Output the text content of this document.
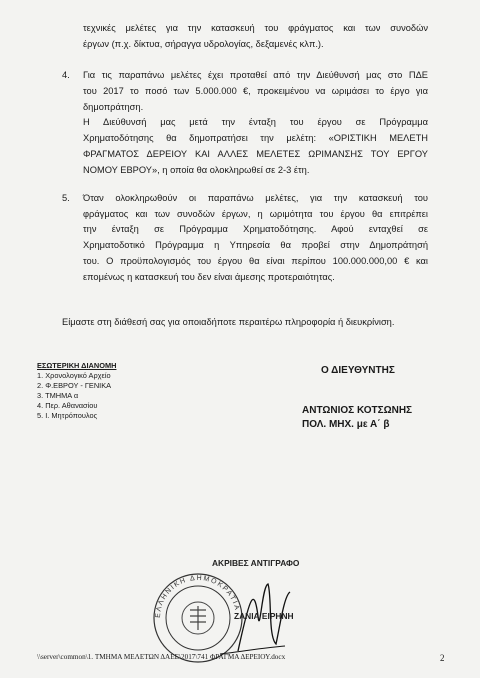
τεχνικές μελέτες για την κατασκευή του φράγματος και των συνοδών
έργων (π.χ. δίκτυα, σήραγγα υδρολογίας, δεξαμενές κλπ.).
4. Για τις παραπάνω μελέτες έχει προταθεί από την Διεύθυνσή μας στο ΠΔΕ
του 2017 το ποσό των 5.000.000 €, προκειμένου να ωριμάσει το έργο για
δημοπράτηση.
Η Διεύθυνσή μας μετά την ένταξη του έργου σε Πρόγραμμα
Χρηματοδότησης θα δημοπρατήσει την μελέτη: «ΟΡΙΣΤΙΚΗ ΜΕΛΕΤΗ
ΦΡΑΓΜΑΤΟΣ ΔΕΡΕΙΟΥ ΚΑΙ ΑΛΛΕΣ ΜΕΛΕΤΕΣ ΩΡΙΜΑΝΣΗΣ ΤΟΥ ΕΡΓΟΥ
ΝΟΜΟΥ ΕΒΡΟΥ», η οποία θα ολοκληρωθεί σε 2-3 έτη.
5. Όταν ολοκληρωθούν οι παραπάνω μελέτες, για την κατασκευή του
φράγματος και των συνοδών έργων, η ωριμότητα του έργου θα επιτρέπει
την ένταξη σε Πρόγραμμα Χρηματοδότησης. Αφού ενταχθεί σε
Χρηματοδοτικό Πρόγραμμα η Υπηρεσία θα προβεί στην Δημοπράτησή
του. Ο προϋπολογισμός του έργου θα είναι περίπου 100.000.000,00 € και
επομένως η κατασκευή του δεν είναι άμεσης προτεραιότητας.
Είμαστε στη διάθεσή σας για οποιαδήποτε περαιτέρω πληροφορία ή διευκρίνιση.
ΕΣΩΤΕΡΙΚΗ ΔΙΑΝΟΜΗ
1. Χρονολογικό Αρχείο
2. Φ.ΕΒΡΟΥ - ΓΕΝΙΚΑ
3. ΤΜΗΜΑ α
4. Περ. Αθανασίου
5. Ι. Μητρόπουλος
Ο ΔΙΕΥΘΥΝΤΗΣ
ΑΝΤΩΝΙΟΣ ΚΟΤΣΩΝΗΣ
ΠΟΛ. ΜΗΧ. με Α΄ β
ΕΛΛΗΝΙΚΗ ΔΗΜΟΚΡΑΤΙΑ
ΑΚΡΙΒΕΣ ΑΝΤΙΓΡΑΦΟ
ΖΑΝΙΑ ΕΙΡΗΝΗ
\\server\common\1. ΤΜΗΜΑ ΜΕΛΕΤΩΝ ΔΑΕΕ\2017\741 ΦΡΑΓΜΑ ΔΕΡΕΙΟΥ.docx	2
